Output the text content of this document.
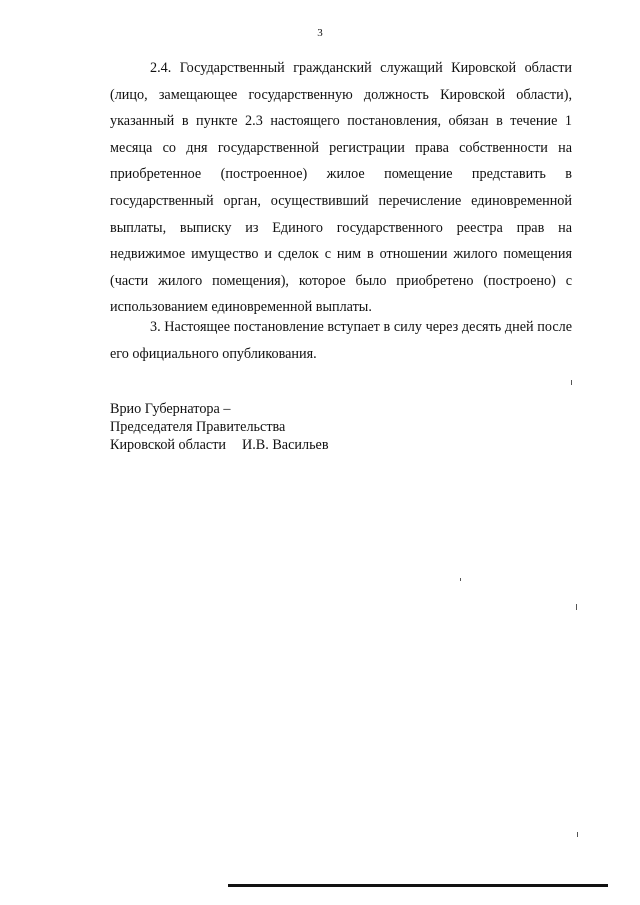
3

2.4. Государственный гражданский служащий Кировской области (лицо, замещающее государственную должность Кировской области), указанный в пункте 2.3 настоящего постановления, обязан в течение 1 месяца со дня государственной регистрации права собственности на приобретенное (построенное) жилое помещение представить в государственный орган, осуществивший перечисление единовременной выплаты, выписку из Единого государственного реестра прав на недвижимое имущество и сделок с ним в отношении жилого помещения (части жилого помещения), которое было приобретено (построено) с использованием единовременной выплаты.

3. Настоящее постановление вступает в силу через десять дней после его официального опубликования.

Врио Губернатора –
Председателя Правительства
Кировской области И.В. Васильев
